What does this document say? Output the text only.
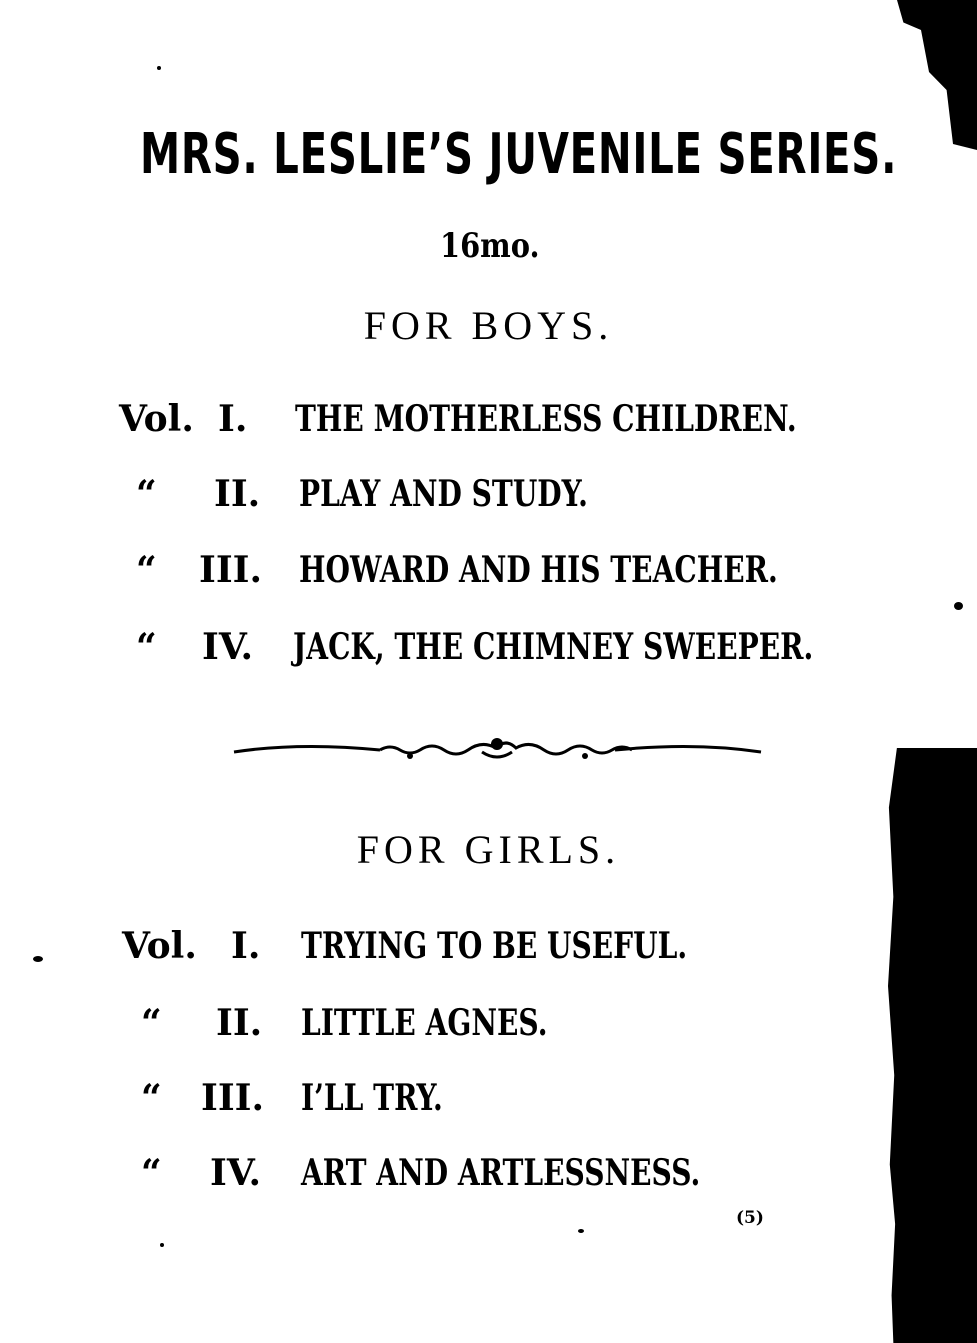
MRS. LESLIE’S JUVENILE SERIES.
16mo.
FOR BOYS.
Vol. I. THE MOTHERLESS CHILDREN.
“ II. PLAY AND STUDY.
“ III. HOWARD AND HIS TEACHER.
“ IV. JACK, THE CHIMNEY SWEEPER.
FOR GIRLS.
Vol. I. TRYING TO BE USEFUL.
“ II. LITTLE AGNES.
“ III. I’LL TRY.
“ IV. ART AND ARTLESSNESS.
(5)
